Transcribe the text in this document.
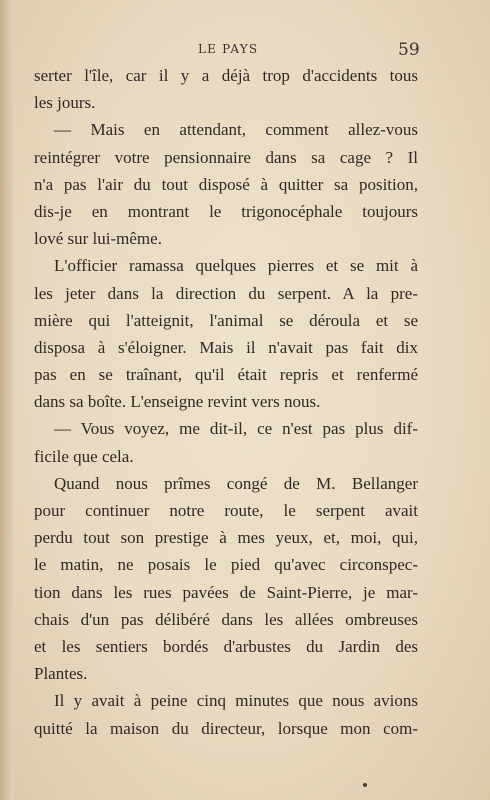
LE PAYS	59
serter l'île, car il y a déjà trop d'accidents tous
les jours.
— Mais en attendant, comment allez-vous
reintégrer votre pensionnaire dans sa cage ? Il
n'a pas l'air du tout disposé à quitter sa position,
dis-je en montrant le trigonocéphale toujours
lové sur lui-même.
L'officier ramassa quelques pierres et se mit à
les jeter dans la direction du serpent. A la pre-
mière qui l'atteignit, l'animal se déroula et se
disposa à s'éloigner. Mais il n'avait pas fait dix
pas en se traînant, qu'il était repris et renfermé
dans sa boîte. L'enseigne revint vers nous.
— Vous voyez, me dit-il, ce n'est pas plus dif-
ficile que cela.
Quand nous prîmes congé de M. Bellanger
pour continuer notre route, le serpent avait
perdu tout son prestige à mes yeux, et, moi, qui,
le matin, ne posais le pied qu'avec circonspec-
tion dans les rues pavées de Saint-Pierre, je mar-
chais d'un pas délibéré dans les allées ombreuses
et les sentiers bordés d'arbustes du Jardin des
Plantes.
Il y avait à peine cinq minutes que nous avions
quitté la maison du directeur, lorsque mon com-
